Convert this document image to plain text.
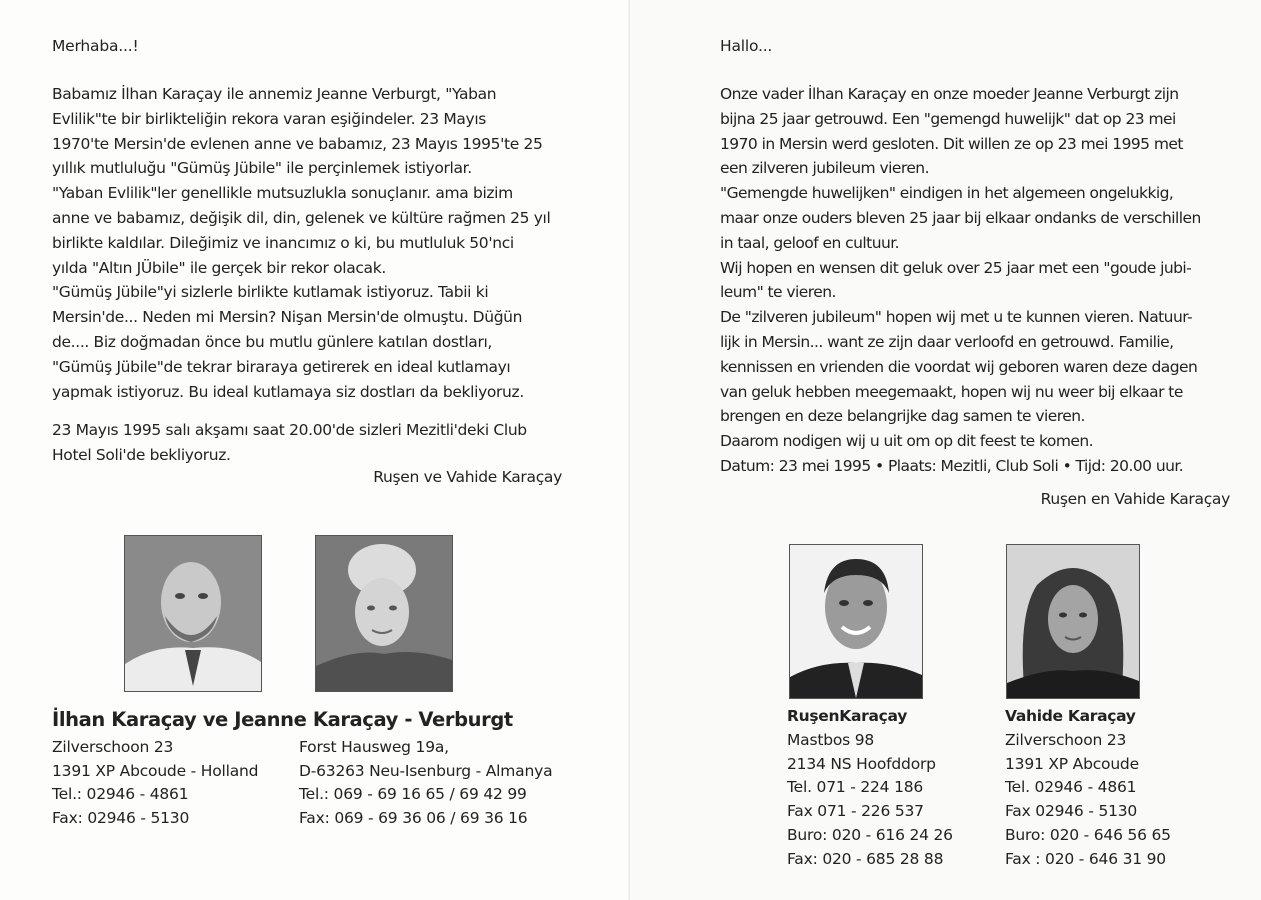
Merhaba...!
Babamız İlhan Karaçay ile annemiz Jeanne Verburgt, "Yaban
Evlilik"te bir birlikteliğin rekora varan eşiğindeler. 23 Mayıs
1970'te Mersin'de evlenen anne ve babamız, 23 Mayıs 1995'te 25
yıllık mutluluğu "Gümüş Jübile" ile perçinlemek istiyorlar.
"Yaban Evlilik"ler genellikle mutsuzlukla sonuçlanır. ama bizim
anne ve babamız, değişik dil, din, gelenek ve kültüre rağmen 25 yıl
birlikte kaldılar. Dileğimiz ve inancımız o ki, bu mutluluk 50'nci
yılda "Altın JÜbile" ile gerçek bir rekor olacak.
"Gümüş Jübile"yi sizlerle birlikte kutlamak istiyoruz. Tabii ki
Mersin'de... Neden mi Mersin? Nişan Mersin'de olmuştu. Düğün
de.... Biz doğmadan önce bu mutlu günlere katılan dostları,
"Gümüş Jübile"de tekrar biraraya getirerek en ideal kutlamayı
yapmak istiyoruz. Bu ideal kutlamaya siz dostları da bekliyoruz.
23 Mayıs 1995 salı akşamı saat 20.00'de sizleri Mezitli'deki Club
Hotel Soli'de bekliyoruz.
Ruşen ve Vahide Karaçay
İlhan Karaçay ve Jeanne Karaçay - Verburgt
Zilverschoon 23
1391 XP Abcoude - Holland
Tel.: 02946 - 4861
Fax: 02946 - 5130
Forst Hausweg 19a,
D-63263 Neu-Isenburg - Almanya
Tel.: 069 - 69 16 65 / 69 42 99
Fax: 069 - 69 36 06 / 69 36 16
Hallo...
Onze vader İlhan Karaçay en onze moeder Jeanne Verburgt zijn
bijna 25 jaar getrouwd. Een "gemengd huwelijk" dat op 23 mei
1970 in Mersin werd gesloten. Dit willen ze op 23 mei 1995 met
een zilveren jubileum vieren.
"Gemengde huwelijken" eindigen in het algemeen ongelukkig,
maar onze ouders bleven 25 jaar bij elkaar ondanks de verschillen
in taal, geloof en cultuur.
Wij hopen en wensen dit geluk over 25 jaar met een "goude jubi-
leum" te vieren.
De "zilveren jubileum" hopen wij met u te kunnen vieren. Natuur-
lijk in Mersin... want ze zijn daar verloofd en getrouwd. Familie,
kennissen en vrienden die voordat wij geboren waren deze dagen
van geluk hebben meegemaakt, hopen wij nu weer bij elkaar te
brengen en deze belangrijke dag samen te vieren.
Daarom nodigen wij u uit om op dit feest te komen.
Datum: 23 mei 1995 • Plaats: Mezitli, Club Soli • Tijd: 20.00 uur.
Ruşen en Vahide Karaçay
RuşenKaraçay
Mastbos 98
2134 NS Hoofddorp
Tel. 071 - 224 186
Fax 071 - 226 537
Buro: 020 - 616 24 26
Fax: 020 - 685 28 88
Vahide Karaçay
Zilverschoon 23
1391 XP Abcoude
Tel. 02946 - 4861
Fax 02946 - 5130
Buro: 020 - 646 56 65
Fax : 020 - 646 31 90
